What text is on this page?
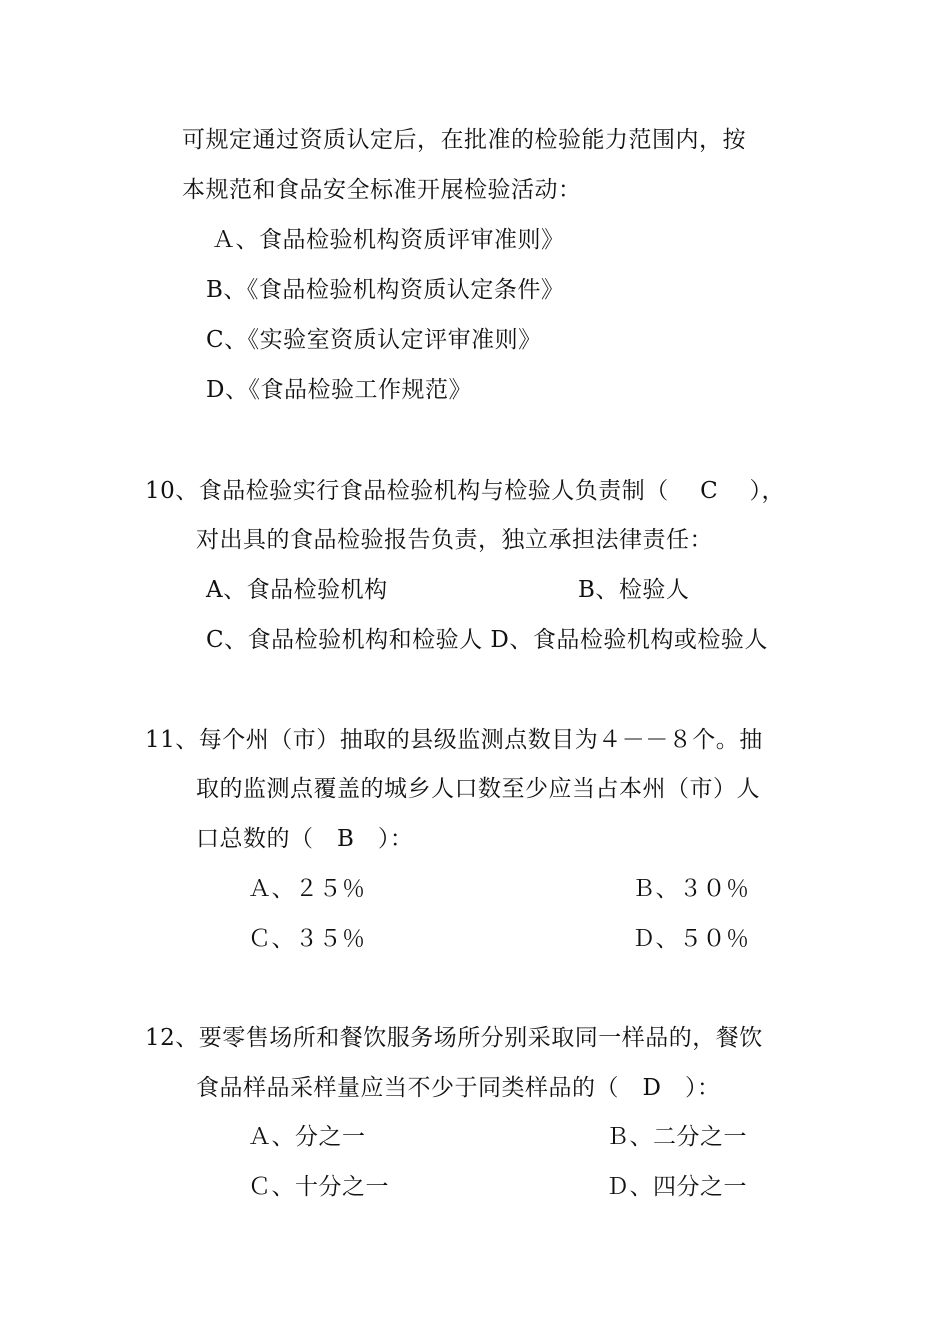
可规定通过资质认定后，在批准的检验能力范围内，按
本规范和食品安全标准开展检验活动：
Ａ、食品检验机构资质评审准则》
B、《食品检验机构资质认定条件》
C、《实验室资质认定评审准则》
D、《食品检验工作规范》
10、食品检验实行食品检验机构与检验人负责制（　 C　 ），
对出具的食品检验报告负责，独立承担法律责任：
A、食品检验机构	B、检验人
C、食品检验机构和检验人 D、食品检验机构或检验人
11、每个州（市）抽取的县级监测点数目为４－－８个。抽
取的监测点覆盖的城乡人口数至少应当占本州（市）人
口总数的（　B　）：
Ａ、２５％	Ｂ、３０％
Ｃ、３５％	Ｄ、５０％
12、要零售场所和餐饮服务场所分别采取同一样品的，餐饮
食品样品采样量应当不少于同类样品的（　D　）：
Ａ、分之一	Ｂ、二分之一
Ｃ、十分之一	Ｄ、四分之一
